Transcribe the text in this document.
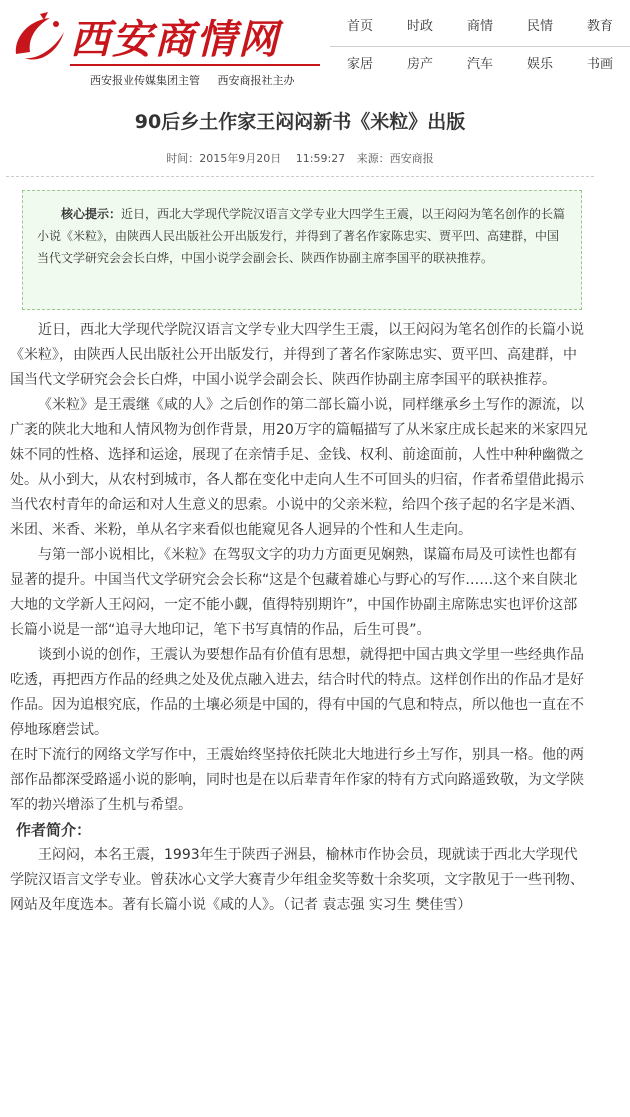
西安商情网
西安报业传媒集团主管 西安商报社主办
首页	时政	商情	民情	教育
家居	房产	汽车	娱乐	书画
90后乡土作家王闷闷新书《米粒》出版
时间：2015年9月20日　 11:59:27 来源：西安商报
核心提示：近日，西北大学现代学院汉语言文学专业大四学生王震，以王闷闷为笔名创作的长篇小说《米粒》，由陕西人民出版社公开出版发行，并得到了著名作家陈忠实、贾平凹、高建群，中国当代文学研究会会长白烨，中国小说学会副会长、陕西作协副主席李国平的联袂推荐。

近日，西北大学现代学院汉语言文学专业大四学生王震，以王闷闷为笔名创作的长篇小说《米粒》，由陕西人民出版社公开出版发行，并得到了著名作家陈忠实、贾平凹、高建群，中国当代文学研究会会长白烨，中国小说学会副会长、陕西作协副主席李国平的联袂推荐。

《米粒》是王震继《咸的人》之后创作的第二部长篇小说，同样继承乡土写作的源流，以广袤的陕北大地和人情风物为创作背景，用20万字的篇幅描写了从米家庄成长起来的米家四兄妹不同的性格、选择和运途，展现了在亲情手足、金钱、权利、前途面前，人性中种种幽微之处。从小到大，从农村到城市，各人都在变化中走向人生不可回头的归宿，作者希望借此揭示当代农村青年的命运和对人生意义的思索。小说中的父亲米粒，给四个孩子起的名字是米酒、米团、米香、米粉，单从名字来看似也能窥见各人迥异的个性和人生走向。

与第一部小说相比，《米粒》在驾驭文字的功力方面更见娴熟，谋篇布局及可读性也都有显著的提升。中国当代文学研究会会长称“这是个包藏着雄心与野心的写作……这个来自陕北大地的文学新人王闷闷，一定不能小觑，值得特别期许”，中国作协副主席陈忠实也评价这部长篇小说是一部“追寻大地印记，笔下书写真情的作品，后生可畏”。

谈到小说的创作，王震认为要想作品有价值有思想，就得把中国古典文学里一些经典作品吃透，再把西方作品的经典之处及优点融入进去，结合时代的特点。这样创作出的作品才是好作品。因为追根究底，作品的土壤必须是中国的，得有中国的气息和特点，所以他也一直在不停地琢磨尝试。

在时下流行的网络文学写作中，王震始终坚持依托陕北大地进行乡土写作，别具一格。他的两部作品都深受路遥小说的影响，同时也是在以后辈青年作家的特有方式向路遥致敬，为文学陕军的勃兴增添了生机与希望。

作者简介：

王闷闷，本名王震，1993年生于陕西子洲县，榆林市作协会员，现就读于西北大学现代学院汉语言文学专业。曾获冰心文学大赛青少年组金奖等数十余奖项，文字散见于一些刊物、网站及年度选本。著有长篇小说《咸的人》。（记者 袁志强 实习生 樊佳雪）
